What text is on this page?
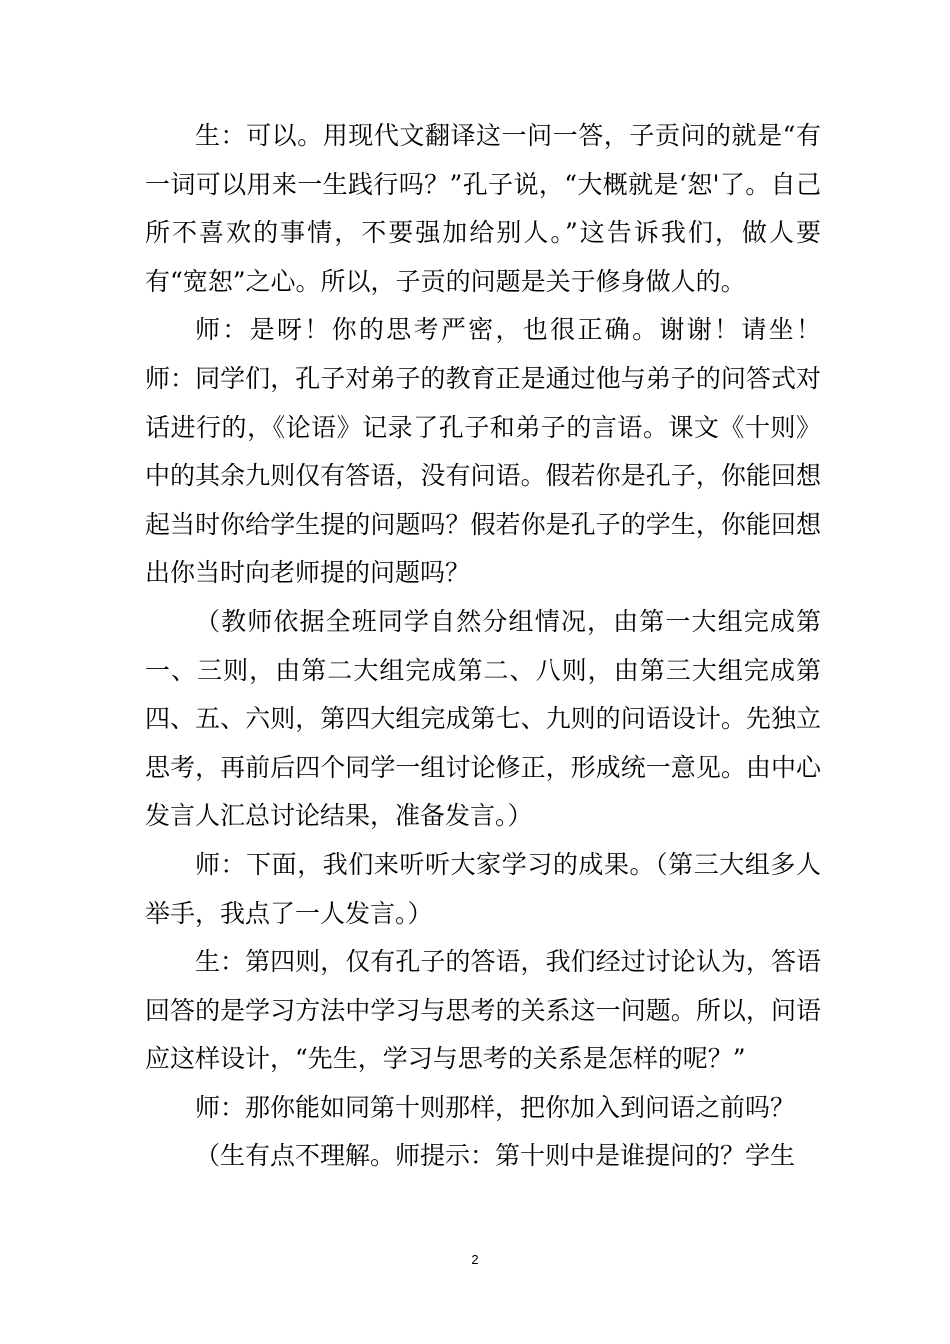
生：可以。用现代文翻译这一问一答，子贡问的就是“有一词可以用来一生践行吗？”孔子说，“大概就是‘恕'了。自己所不喜欢的事情，不要强加给别人。”这告诉我们，做人要有“宽恕”之心。所以，子贡的问题是关于修身做人的。

师：是呀！你的思考严密，也很正确。谢谢！请坐！ 师：同学们，孔子对弟子的教育正是通过他与弟子的问答式对话进行的，《论语》记录了孔子和弟子的言语。课文《十则》中的其余九则仅有答语，没有问语。假若你是孔子，你能回想起当时你给学生提的问题吗？假若你是孔子的学生，你能回想出你当时向老师提的问题吗？

（教师依据全班同学自然分组情况，由第一大组完成第一、三则，由第二大组完成第二、八则，由第三大组完成第四、五、六则，第四大组完成第七、九则的问语设计。先独立思考，再前后四个同学一组讨论修正，形成统一意见。由中心发言人汇总讨论结果，准备发言。）

师：下面，我们来听听大家学习的成果。（第三大组多人举手，我点了一人发言。）

生：第四则，仅有孔子的答语，我们经过讨论认为，答语回答的是学习方法中学习与思考的关系这一问题。所以，问语应这样设计，“先生，学习与思考的关系是怎样的呢？”

师：那你能如同第十则那样，把你加入到问语之前吗？

（生有点不理解。师提示：第十则中是谁提问的？学生

2
